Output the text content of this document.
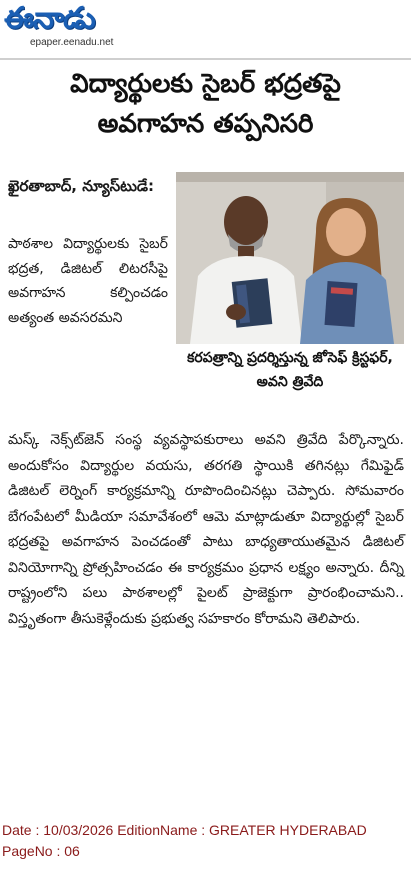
ఈనాడు
epaper.eenadu.net
విద్యార్థులకు సైబర్ భద్రతపై
అవగాహన తప్పనిసరి
ఖైరతాబాద్, న్యూస్‌టుడే:
పాఠశాల విద్యార్థులకు సైబర్ భద్రత, డిజిటల్ లిటరసీపై అవగాహన కల్పించడం అత్యంత అవసరమని
కరపత్రాన్ని ప్రదర్శిస్తున్న జోసెఫ్ క్రిస్టఫర్, అవని త్రివేది
మస్క్ నెక్స్‌ట్‌జెన్ సంస్థ వ్యవస్థాపకురాలు అవని త్రివేది పేర్కొన్నారు. అందుకోసం విద్యార్థుల వయసు, తరగతి స్థాయికి తగినట్లు గేమిఫైడ్ డిజిటల్ లెర్నింగ్ కార్యక్రమాన్ని రూపొందించినట్లు చెప్పారు. సోమవారం బేగంపేటలో మీడియా సమావేశంలో ఆమె మాట్లాడుతూ విద్యార్థుల్లో సైబర్ భద్రతపై అవగాహన పెంచడంతో పాటు బాధ్యతాయుతమైన డిజిటల్ వినియోగాన్ని ప్రోత్సహించడం ఈ కార్యక్రమం ప్రధాన లక్ష్యం అన్నారు. దీన్ని రాష్ట్రంలోని పలు పాఠశాలల్లో పైలట్ ప్రాజెక్టుగా ప్రారంభించామని.. విస్తృతంగా తీసుకెళ్లేందుకు ప్రభుత్వ సహకారం కోరామని తెలిపారు.
Date : 10/03/2026 EditionName : GREATER HYDERABAD PageNo : 06
